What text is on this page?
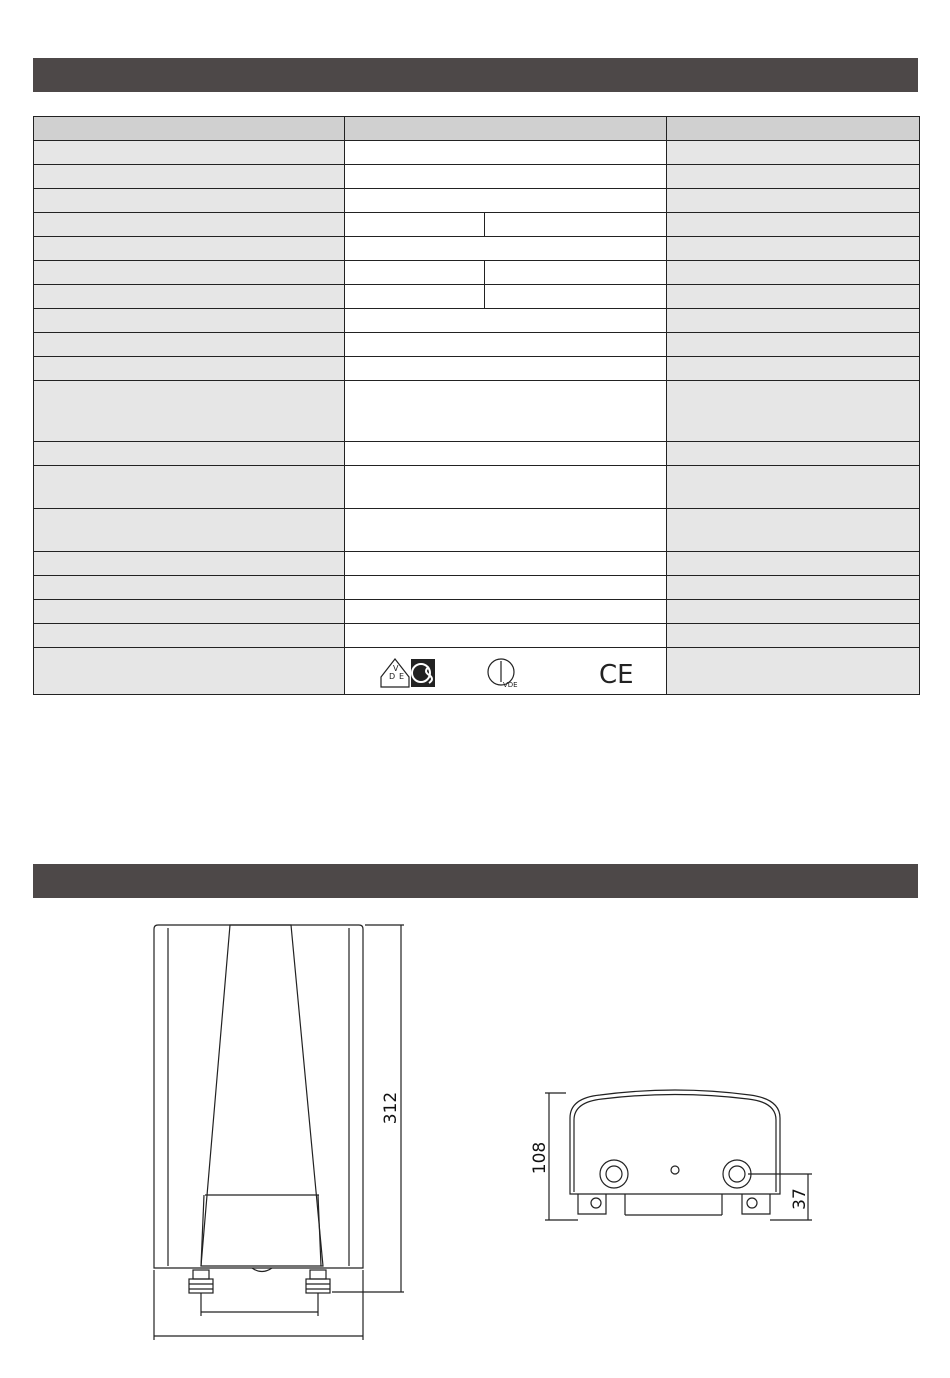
D
V
E
VDE CE		

312
108
37
